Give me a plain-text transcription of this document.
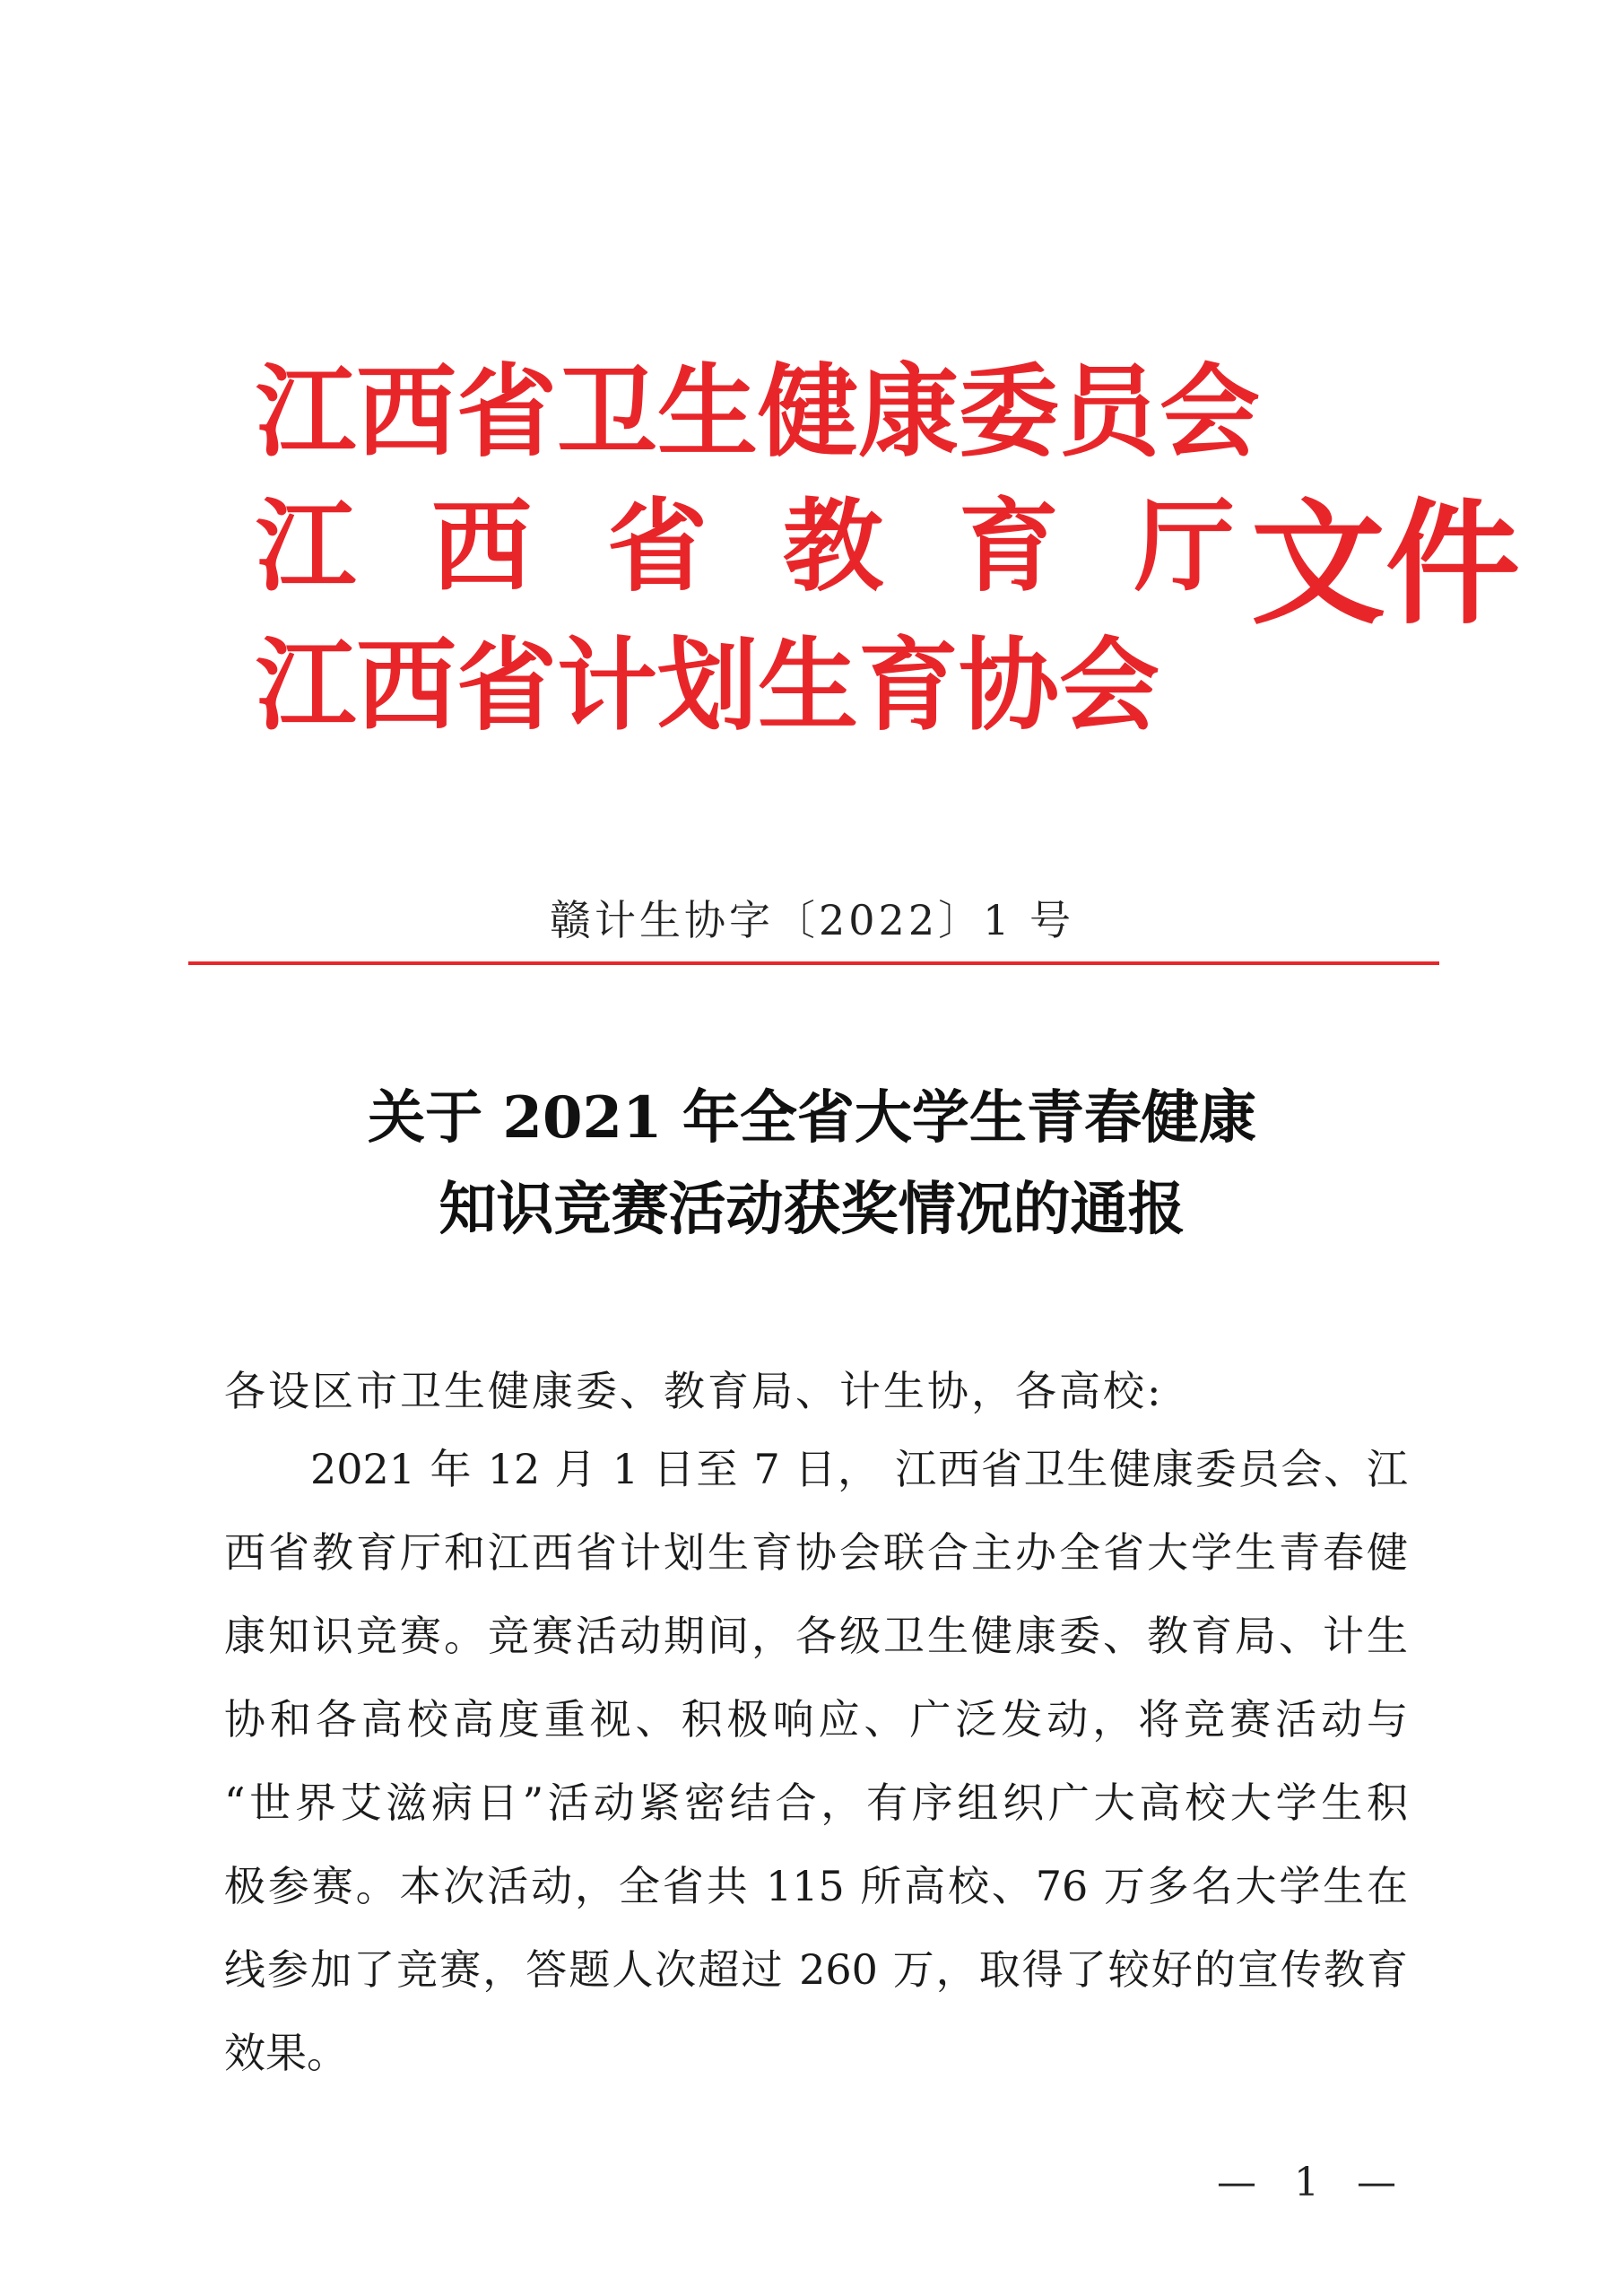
江西省卫生健康委员会
江 西 省 教 育 厅
江西省计划生育协会
文件
赣计生协字〔2022〕1 号
关于 2021 年全省大学生青春健康
知识竞赛活动获奖情况的通报
各设区市卫生健康委、教育局、计生协，各高校:
2021 年 12 月 1 日至 7 日， 江西省卫生健康委员会、江
西省教育厅和江西省计划生育协会联合主办全省大学生青春健
康知识竞赛。竞赛活动期间，各级卫生健康委、教育局、计生
协和各高校高度重视、积极响应、广泛发动，将竞赛活动与
“世界艾滋病日”活动紧密结合，有序组织广大高校大学生积
极参赛。本次活动，全省共 115 所高校、76 万多名大学生在
线参加了竞赛，答题人次超过 260 万，取得了较好的宣传教育
效果。
— 1 —
